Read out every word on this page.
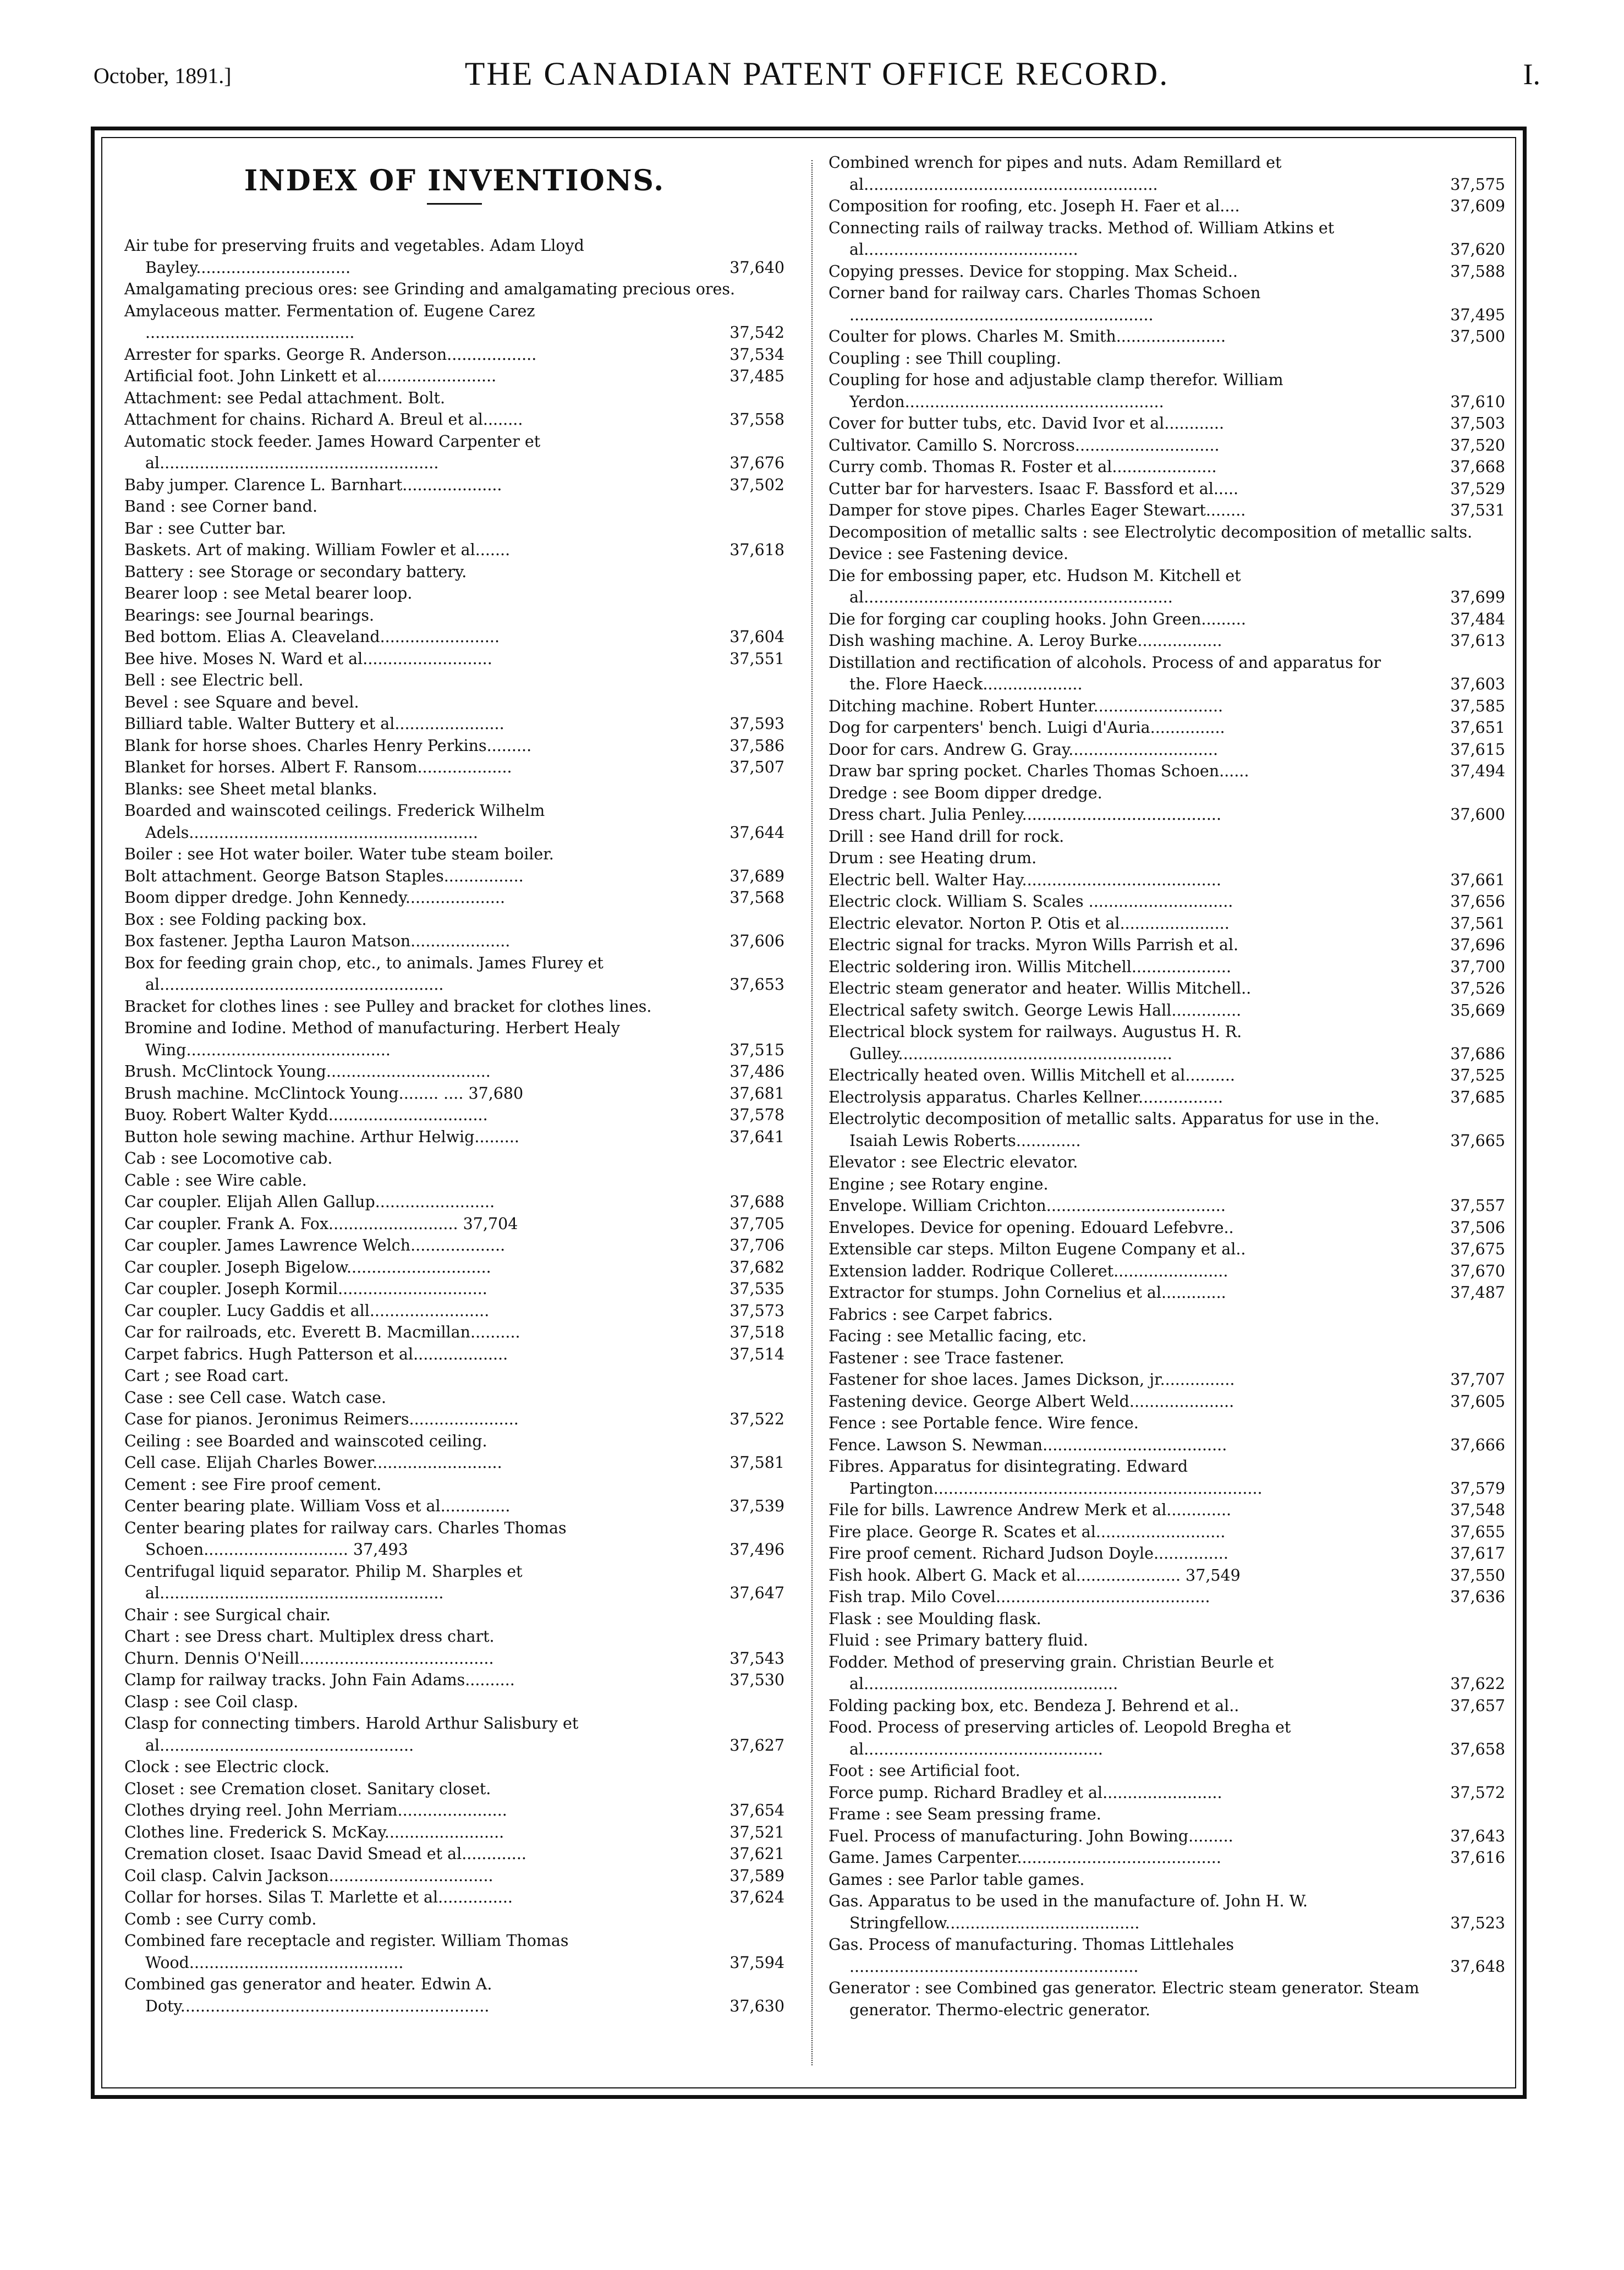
October, 1891.]	THE CANADIAN PATENT OFFICE RECORD.	I.
INDEX OF INVENTIONS.
Air tube for preserving fruits and vegetables. Adam Lloyd Bayley...............................	37,640
Amalgamating precious ores: see Grinding and amalgamating precious ores.
Amylaceous matter. Fermentation of. Eugene Carez ..........................................	37,542
Arrester for sparks. George R. Anderson..................	37,534
Artificial foot. John Linkett et al........................	37,485
Attachment: see Pedal attachment. Bolt.
Attachment for chains. Richard A. Breul et al........	37,558
Automatic stock feeder. James Howard Carpenter et al........................................................	37,676
Baby jumper. Clarence L. Barnhart....................	37,502
Band : see Corner band.
Bar : see Cutter bar.
Baskets. Art of making. William Fowler et al.......	37,618
Battery : see Storage or secondary battery.
Bearer loop : see Metal bearer loop.
Bearings: see Journal bearings.
Bed bottom. Elias A. Cleaveland........................	37,604
Bee hive. Moses N. Ward et al..........................	37,551
Bell : see Electric bell.
Bevel : see Square and bevel.
Billiard table. Walter Buttery et al......................	37,593
Blank for horse shoes. Charles Henry Perkins.........	37,586
Blanket for horses. Albert F. Ransom...................	37,507
Blanks: see Sheet metal blanks.
Boarded and wainscoted ceilings. Frederick Wilhelm Adels..........................................................	37,644
Boiler : see Hot water boiler. Water tube steam boiler.
Bolt attachment. George Batson Staples................	37,689
Boom dipper dredge. John Kennedy....................	37,568
Box : see Folding packing box.
Box fastener. Jeptha Lauron Matson....................	37,606
Box for feeding grain chop, etc., to animals. James Flurey et al.........................................................	37,653
Bracket for clothes lines : see Pulley and bracket for clothes lines.
Bromine and Iodine. Method of manufacturing. Herbert Healy Wing.........................................	37,515
Brush. McClintock Young.................................	37,486
Brush machine. McClintock Young........ .... 37,680	37,681
Buoy. Robert Walter Kydd................................	37,578
Button hole sewing machine. Arthur Helwig.........	37,641
Cab : see Locomotive cab.
Cable : see Wire cable.
Car coupler. Elijah Allen Gallup........................	37,688
Car coupler. Frank A. Fox.......................... 37,704	37,705
Car coupler. James Lawrence Welch...................	37,706
Car coupler. Joseph Bigelow.............................	37,682
Car coupler. Joseph Kormil..............................	37,535
Car coupler. Lucy Gaddis et all........................	37,573
Car for railroads, etc. Everett B. Macmillan..........	37,518
Carpet fabrics. Hugh Patterson et al...................	37,514
Cart ; see Road cart.
Case : see Cell case. Watch case.
Case for pianos. Jeronimus Reimers......................	37,522
Ceiling : see Boarded and wainscoted ceiling.
Cell case. Elijah Charles Bower..........................	37,581
Cement : see Fire proof cement.
Center bearing plate. William Voss et al..............	37,539
Center bearing plates for railway cars. Charles Thomas Schoen............................. 37,493	37,496
Centrifugal liquid separator. Philip M. Sharples et al.........................................................	37,647
Chair : see Surgical chair.
Chart : see Dress chart. Multiplex dress chart.
Churn. Dennis O'Neill.......................................	37,543
Clamp for railway tracks. John Fain Adams..........	37,530
Clasp : see Coil clasp.
Clasp for connecting timbers. Harold Arthur Salisbury et al...................................................	37,627
Clock : see Electric clock.
Closet : see Cremation closet. Sanitary closet.
Clothes drying reel. John Merriam......................	37,654
Clothes line. Frederick S. McKay........................	37,521
Cremation closet. Isaac David Smead et al.............	37,621
Coil clasp. Calvin Jackson.................................	37,589
Collar for horses. Silas T. Marlette et al...............	37,624
Comb : see Curry comb.
Combined fare receptacle and register. William Thomas Wood...........................................	37,594
Combined gas generator and heater. Edwin A. Doty..............................................................	37,630
Combined wrench for pipes and nuts. Adam Remillard et al...........................................................	37,575
Composition for roofing, etc. Joseph H. Faer et al....	37,609
Connecting rails of railway tracks. Method of. William Atkins et al...........................................	37,620
Copying presses. Device for stopping. Max Scheid..	37,588
Corner band for railway cars. Charles Thomas Schoen .............................................................	37,495
Coulter for plows. Charles M. Smith......................	37,500
Coupling : see Thill coupling.
Coupling for hose and adjustable clamp therefor. William Yerdon....................................................	37,610
Cover for butter tubs, etc. David Ivor et al............	37,503
Cultivator. Camillo S. Norcross.............................	37,520
Curry comb. Thomas R. Foster et al.....................	37,668
Cutter bar for harvesters. Isaac F. Bassford et al.....	37,529
Damper for stove pipes. Charles Eager Stewart........	37,531
Decomposition of metallic salts : see Electrolytic decomposition of metallic salts.
Device : see Fastening device.
Die for embossing paper, etc. Hudson M. Kitchell et al..............................................................	37,699
Die for forging car coupling hooks. John Green.........	37,484
Dish washing machine. A. Leroy Burke.................	37,613
Distillation and rectification of alcohols. Process of and apparatus for the. Flore Haeck....................	37,603
Ditching machine. Robert Hunter..........................	37,585
Dog for carpenters' bench. Luigi d'Auria...............	37,651
Door for cars. Andrew G. Gray..............................	37,615
Draw bar spring pocket. Charles Thomas Schoen......	37,494
Dredge : see Boom dipper dredge.
Dress chart. Julia Penley........................................	37,600
Drill : see Hand drill for rock.
Drum : see Heating drum.
Electric bell. Walter Hay........................................	37,661
Electric clock. William S. Scales .............................	37,656
Electric elevator. Norton P. Otis et al......................	37,561
Electric signal for tracks. Myron Wills Parrish et al.	37,696
Electric soldering iron. Willis Mitchell....................	37,700
Electric steam generator and heater. Willis Mitchell..	37,526
Electrical safety switch. George Lewis Hall..............	35,669
Electrical block system for railways. Augustus H. R. Gulley.......................................................	37,686
Electrically heated oven. Willis Mitchell et al..........	37,525
Electrolysis apparatus. Charles Kellner.................	37,685
Electrolytic decomposition of metallic salts. Apparatus for use in the. Isaiah Lewis Roberts.............	37,665
Elevator : see Electric elevator.
Engine ; see Rotary engine.
Envelope. William Crichton....................................	37,557
Envelopes. Device for opening. Edouard Lefebvre..	37,506
Extensible car steps. Milton Eugene Company et al..	37,675
Extension ladder. Rodrique Colleret.......................	37,670
Extractor for stumps. John Cornelius et al.............	37,487
Fabrics : see Carpet fabrics.
Facing : see Metallic facing, etc.
Fastener : see Trace fastener.
Fastener for shoe laces. James Dickson, jr...............	37,707
Fastening device. George Albert Weld.....................	37,605
Fence : see Portable fence. Wire fence.
Fence. Lawson S. Newman.....................................	37,666
Fibres. Apparatus for disintegrating. Edward Partington..................................................................	37,579
File for bills. Lawrence Andrew Merk et al.............	37,548
Fire place. George R. Scates et al..........................	37,655
Fire proof cement. Richard Judson Doyle...............	37,617
Fish hook. Albert G. Mack et al..................... 37,549	37,550
Fish trap. Milo Covel...........................................	37,636
Flask : see Moulding flask.
Fluid : see Primary battery fluid.
Fodder. Method of preserving grain. Christian Beurle et al...................................................	37,622
Folding packing box, etc. Bendeza J. Behrend et al..	37,657
Food. Process of preserving articles of. Leopold Bregha et al................................................	37,658
Foot : see Artificial foot.
Force pump. Richard Bradley et al........................	37,572
Frame : see Seam pressing frame.
Fuel. Process of manufacturing. John Bowing.........	37,643
Game. James Carpenter.........................................	37,616
Games : see Parlor table games.
Gas. Apparatus to be used in the manufacture of. John H. W. Stringfellow.......................................	37,523
Gas. Process of manufacturing. Thomas Littlehales ..........................................................	37,648
Generator : see Combined gas generator. Electric steam generator. Steam generator. Thermo-electric generator.
